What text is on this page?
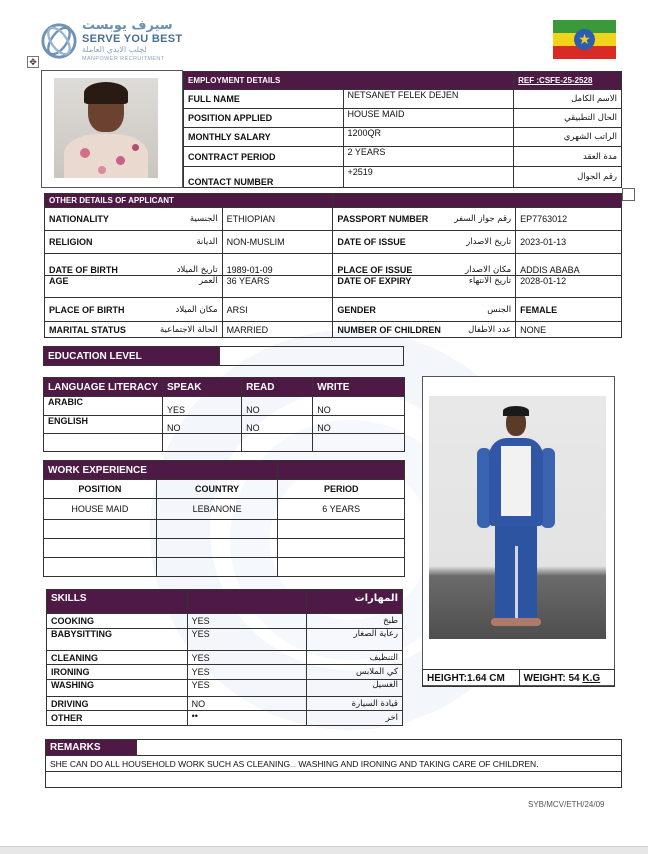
سيرف يوبست
SERVE YOU BEST
لجلب الايدي العاملة
MANPOWER RECRUITMENT
★
✥
EMPLOYMENT DETAILS		REF :CSFE-25-2528
FULL NAME	NETSANET FELEK DEJEN	الاسم الكامل
POSITION APPLIED	HOUSE MAID	الحال التطبيقي
MONTHLY SALARY	1200QR	الراتب الشهري
CONTRACT PERIOD	2 YEARS	مدة العقد
CONTACT NUMBER	+2519	رقم الجوال
OTHER DETAILS OF APPLICANT			
NATIONALITY الجنسية	ETHIOPIAN	PASSPORT NUMBER رقم جواز السفر	EP7763012
RELIGION الديانة	NON-MUSLIM	DATE OF ISSUE تاريخ الاصدار	2023-01-13
DATE OF BIRTH تاريخ الميلاد	1989-01-09	PLACE OF ISSUE مكان الاصدار	ADDIS ABABA
AGE العمر	36 YEARS	DATE OF EXPIRY تاريخ الانتهاء	2028-01-12
PLACE OF BIRTH مكان الميلاد	ARSI	GENDER الجنس	FEMALE
MARITAL STATUS الحالة الاجتماعية	MARRIED	NUMBER OF CHILDREN عدد الاطفال	NONE
EDUCATION LEVEL	
LANGUAGE LITERACY	SPEAK	READ	WRITE
ARABIC	YES	NO	NO
ENGLISH	NO	NO	NO

WORK EXPERIENCE		
POSITION	COUNTRY	PERIOD
HOUSE MAID	LEBANONE	6 YEARS

SKILLS		المهارات
COOKING	YES	طبخ
BABYSITTING	YES	رعاية الصغار
CLEANING	YES	التنظيف
IRONING	YES	كي الملابس
WASHING	YES	الغسيل
DRIVING	NO	قيادة السيارة
OTHER	••	اخر
HEIGHT:1.64 CM	WEIGHT: 54 K.G
REMARKS	
SHE CAN DO ALL HOUSEHOLD WORK SUCH AS CLEANING... WASHING AND IRONING AND TAKING CARE OF CHILDREN.

SYB/MCV/ETH/24/09
